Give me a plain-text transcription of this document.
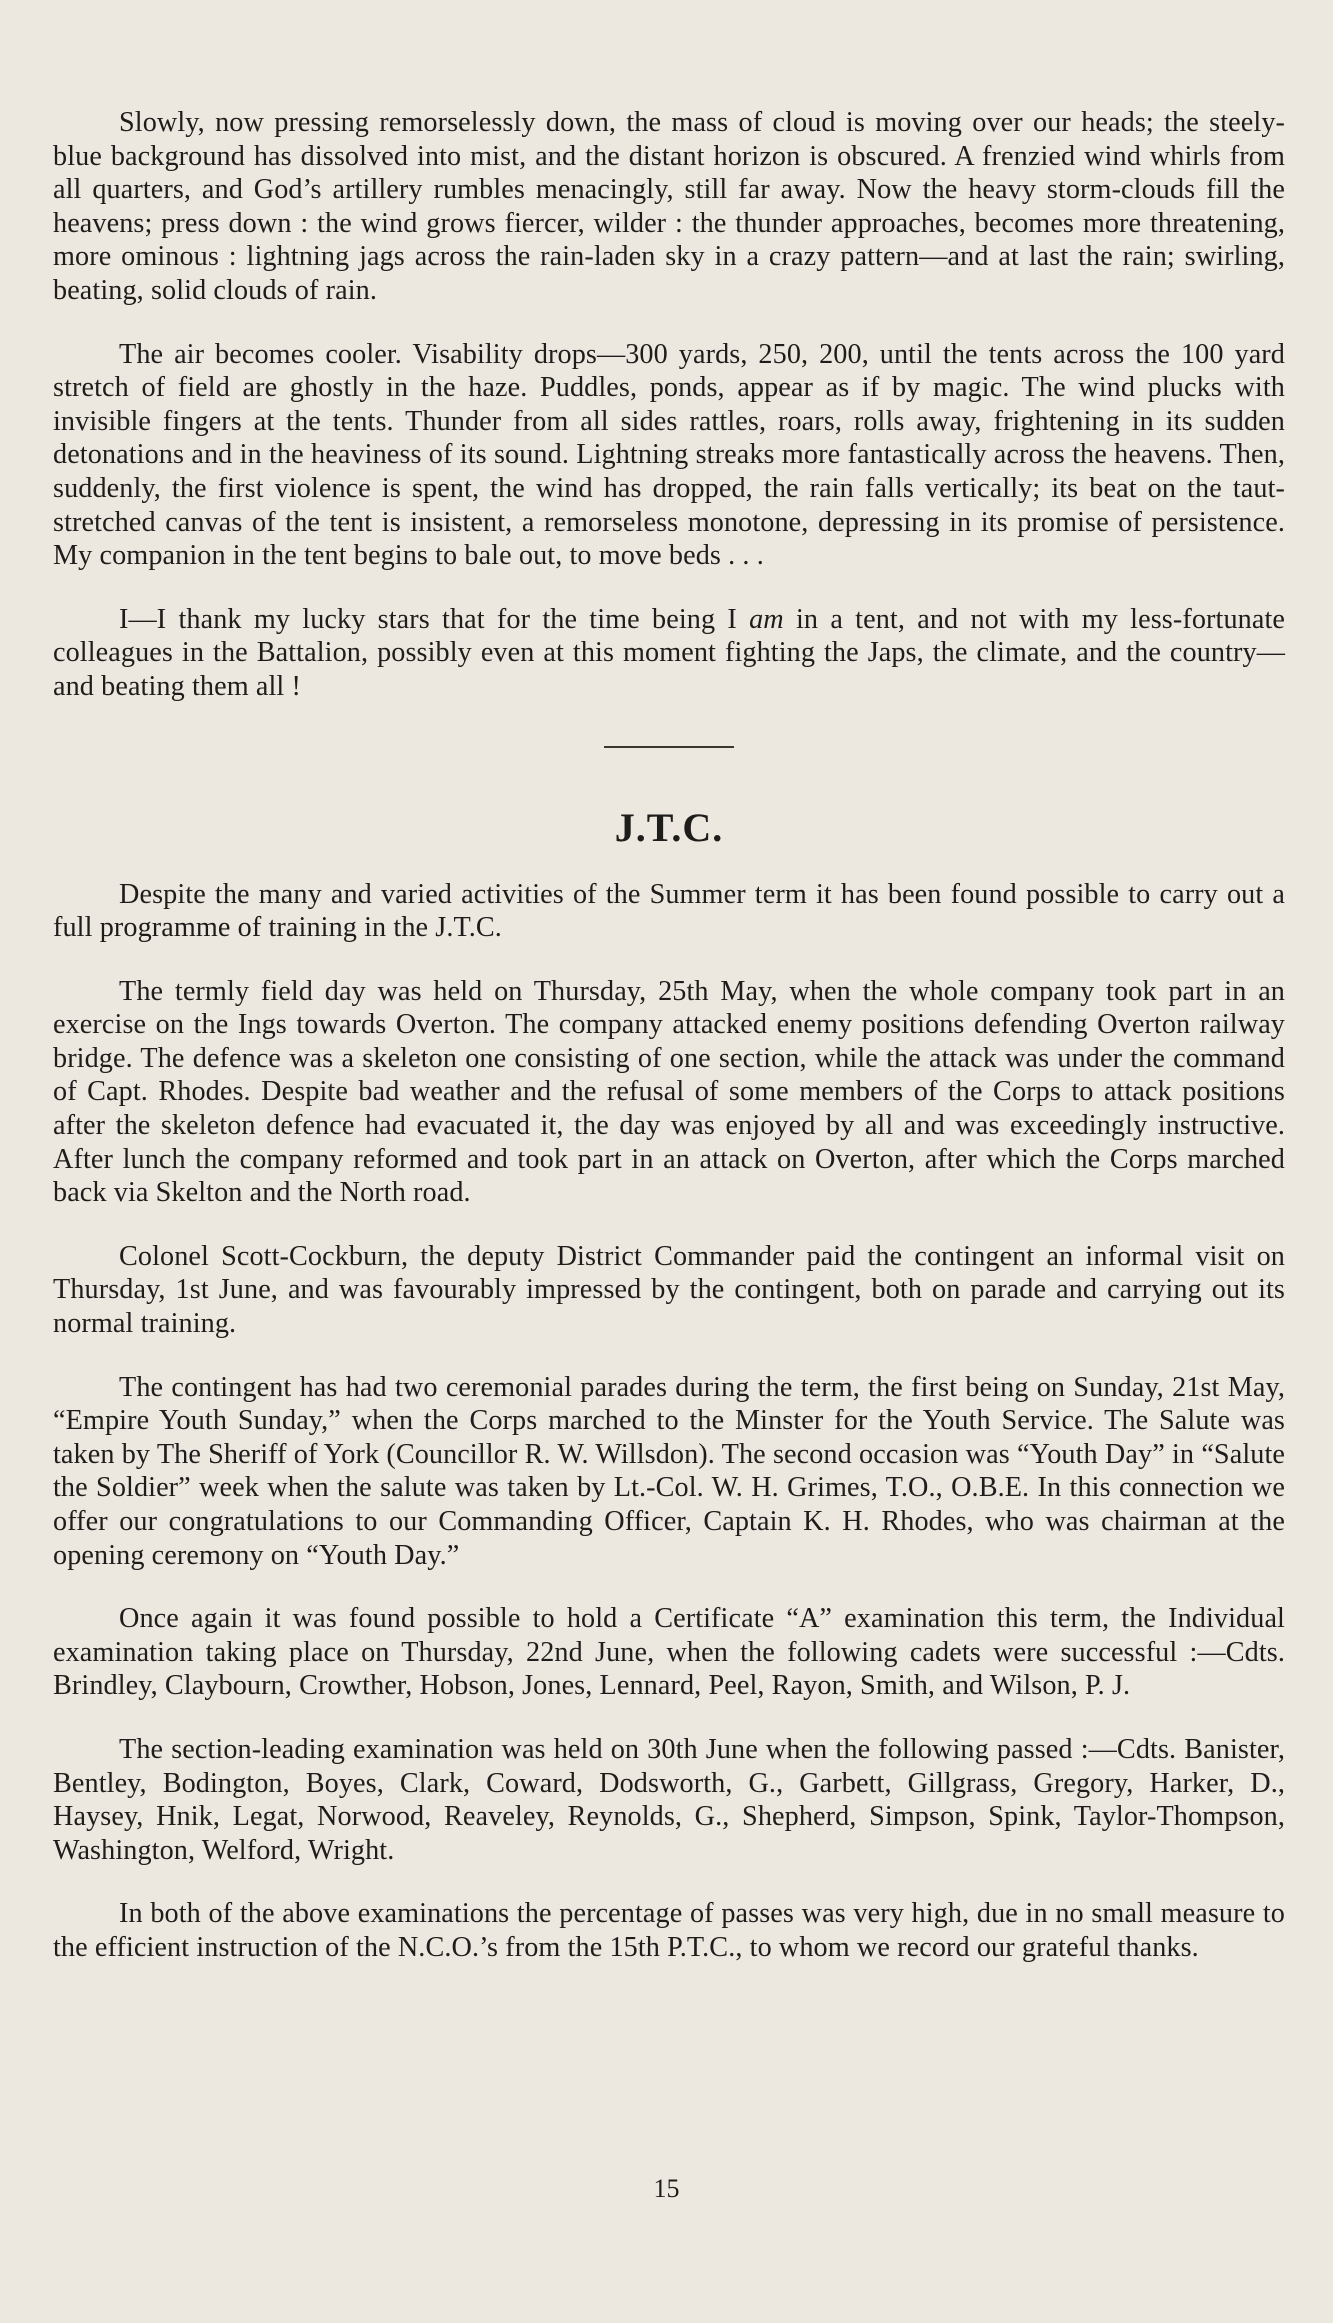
Slowly, now pressing remorselessly down, the mass of cloud is moving over our heads; the steely-blue background has dissolved into mist, and the distant horizon is obscured. A frenzied wind whirls from all quarters, and God’s artillery rumbles menacingly, still far away. Now the heavy storm-clouds fill the heavens; press down : the wind grows fiercer, wilder : the thunder approaches, becomes more threatening, more ominous : lightning jags across the rain-laden sky in a crazy pattern—and at last the rain; swirling, beating, solid clouds of rain.

The air becomes cooler. Visability drops—300 yards, 250, 200, until the tents across the 100 yard stretch of field are ghostly in the haze. Puddles, ponds, appear as if by magic. The wind plucks with invisible fingers at the tents. Thunder from all sides rattles, roars, rolls away, frightening in its sudden detonations and in the heaviness of its sound. Lightning streaks more fantastically across the heavens. Then, suddenly, the first violence is spent, the wind has dropped, the rain falls vertically; its beat on the taut-stretched canvas of the tent is insistent, a remorseless monotone, depressing in its promise of persistence. My companion in the tent begins to bale out, to move beds . . .

I—I thank my lucky stars that for the time being I am in a tent, and not with my less-fortunate colleagues in the Battalion, possibly even at this moment fighting the Japs, the climate, and the country—and beating them all !

J.T.C.

Despite the many and varied activities of the Summer term it has been found possible to carry out a full programme of training in the J.T.C.

The termly field day was held on Thursday, 25th May, when the whole company took part in an exercise on the Ings towards Overton. The company attacked enemy positions defending Overton railway bridge. The defence was a skeleton one consisting of one section, while the attack was under the command of Capt. Rhodes. Despite bad weather and the refusal of some members of the Corps to attack positions after the skeleton defence had evacuated it, the day was enjoyed by all and was exceedingly instructive. After lunch the company reformed and took part in an attack on Overton, after which the Corps marched back via Skelton and the North road.

Colonel Scott-Cockburn, the deputy District Commander paid the contingent an informal visit on Thursday, 1st June, and was favourably impressed by the contingent, both on parade and carrying out its normal training.

The contingent has had two ceremonial parades during the term, the first being on Sunday, 21st May, “Empire Youth Sunday,” when the Corps marched to the Minster for the Youth Service. The Salute was taken by The Sheriff of York (Councillor R. W. Willsdon). The second occasion was “Youth Day” in “Salute the Soldier” week when the salute was taken by Lt.-Col. W. H. Grimes, T.O., O.B.E. In this connection we offer our congratulations to our Commanding Officer, Captain K. H. Rhodes, who was chairman at the opening ceremony on “Youth Day.”

Once again it was found possible to hold a Certificate “A” examination this term, the Individual examination taking place on Thursday, 22nd June, when the following cadets were successful :—Cdts. Brindley, Claybourn, Crowther, Hobson, Jones, Lennard, Peel, Rayon, Smith, and Wilson, P. J.

The section-leading examination was held on 30th June when the following passed :—Cdts. Banister, Bentley, Bodington, Boyes, Clark, Coward, Dodsworth, G., Garbett, Gillgrass, Gregory, Harker, D., Haysey, Hnik, Legat, Norwood, Reaveley, Reynolds, G., Shepherd, Simpson, Spink, Taylor-Thompson, Washington, Welford, Wright.

In both of the above examinations the percentage of passes was very high, due in no small measure to the efficient instruction of the N.C.O.’s from the 15th P.T.C., to whom we record our grateful thanks.

15
